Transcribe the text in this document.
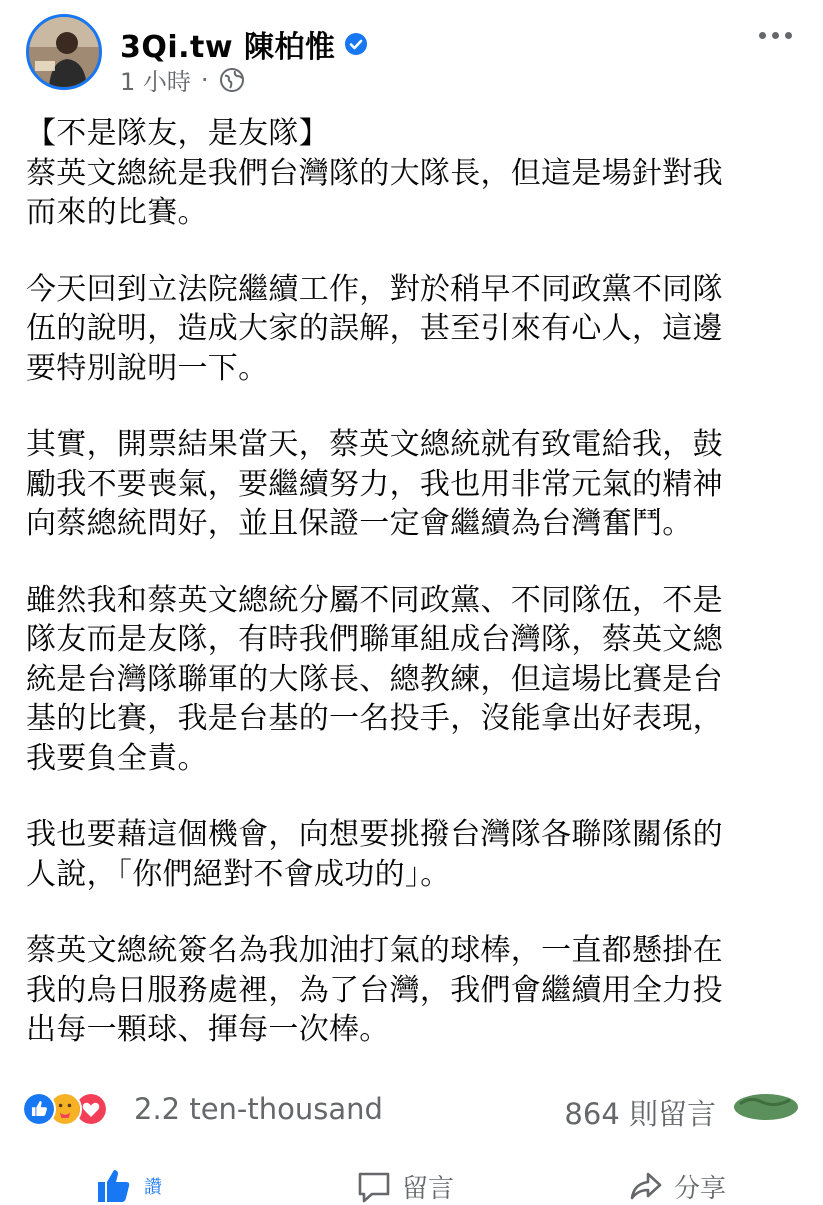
3Qi.tw 陳柏惟
1 小時 ·

【不是隊友，是友隊】
蔡英文總統是我們台灣隊的大隊長，但這是場針對我
而來的比賽。

今天回到立法院繼續工作，對於稍早不同政黨不同隊
伍的說明，造成大家的誤解，甚至引來有心人，這邊
要特別說明一下。

其實，開票結果當天，蔡英文總統就有致電給我，鼓
勵我不要喪氣，要繼續努力，我也用非常元氣的精神
向蔡總統問好，並且保證一定會繼續為台灣奮鬥。

雖然我和蔡英文總統分屬不同政黨、不同隊伍，不是
隊友而是友隊，有時我們聯軍組成台灣隊，蔡英文總
統是台灣隊聯軍的大隊長、總教練，但這場比賽是台
基的比賽，我是台基的一名投手，沒能拿出好表現，
我要負全責。

我也要藉這個機會，向想要挑撥台灣隊各聯隊關係的
人說，「你們絕對不會成功的」。

蔡英文總統簽名為我加油打氣的球棒，一直都懸掛在
我的烏日服務處裡，為了台灣，我們會繼續用全力投
出每一顆球、揮每一次棒。

2.2 ten-thousand	864 則留言
讚	留言	分享
